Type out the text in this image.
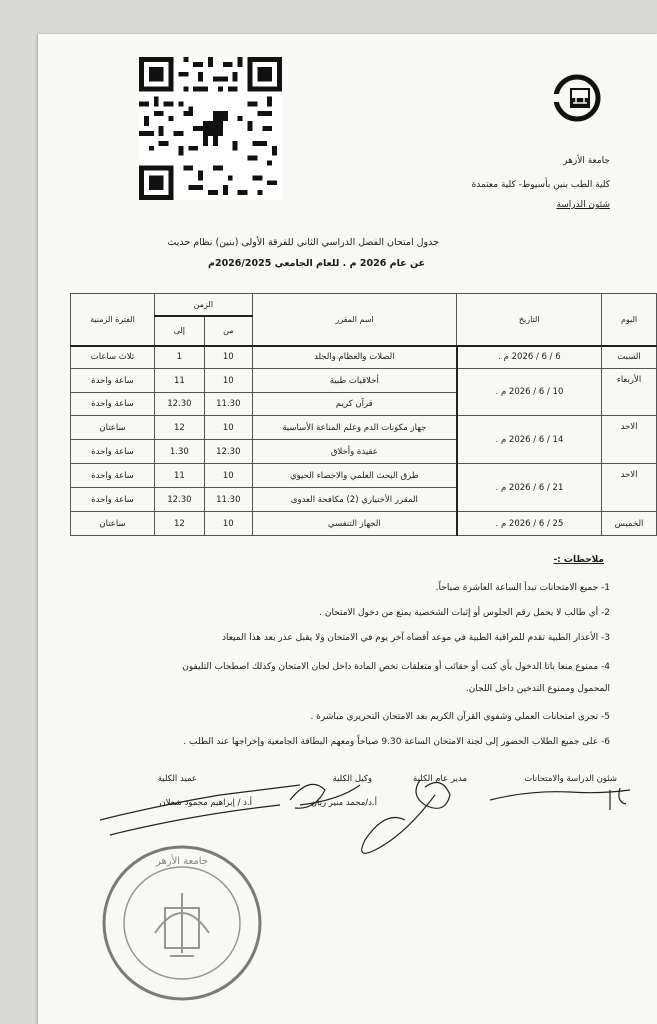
جامعة الأزهر
كلية الطب بنين بأسيوط- كلية معتمدة
شئون الدراسة
جدول امتحان الفصل الدراسي الثاني للفرقة الأولى (بنين) نظام حديث
عن عام 2026 م . للعام الجامعي 2026/2025م
اليوم	التاريخ	اسم المقرر	الزمن		الفترة الزمنية
			من	إلى	
السبت	6 / 6 / 2026 م .	الصلات والعظام والجلد	10	1	ثلاث ساعات
الأربعاء	10 / 6 / 2026 م .	أخلاقيات طبية	10	11	ساعة واحدة
		قرآن كريم	11.30	12.30	ساعة واحدة
الاحد	14 / 6 / 2026 م .	جهاز مكونات الدم وعلم المناعة الأساسية	10	12	ساعتان
		عقيدة وأخلاق	12.30	1.30	ساعة واحدة
الاحد	21 / 6 / 2026 م .	طرق البحث العلمي والاحصاء الحيوي	10	11	ساعة واحدة
		المقرر الأختياري (2) مكافحة العدوى	11.30	12.30	ساعة واحدة
الخميس	25 / 6 / 2026 م .	الجهاز التنفسي	10	12	ساعتان
ملاحظات :-
1- جميع الامتحانات تبدأ الساعة العاشرة صباحاً.
2- أي طالب لا يحمل رقم الجلوس أو إثبات الشخصية يمنع من دخول الامتحان .
3- الأعذار الطبية تقدم للمراقبة الطبية في موعد أقصاه آخر يوم في الامتحان ولا يقبل عذر بعد هذا الميعاد
4- ممنوع منعا باتا الدخول بأي كتب أو حقائب أو متعلقات تخص المادة داخل لجان الامتحان وكذلك اصطحاب التليفون
المحمول وممنوع التدخين داخل اللجان.
5- تجرى امتحانات العملي وشفوي القرآن الكريم بعد الامتحان التحريري مباشرة .
6- على جميع الطلاب الحضور إلى لجنة الامتحان الساعة 9.30 صباحاً ومعهم البطاقة الجامعية وإخراجها عند الطلب .
شئون الدراسة والامتحانات
مدير عام الكلية
وكيل الكلية
أ.د/محمد منير ريان
عميد الكلية
أ.د / إبراهيم محمود شعلان
جامعة الأزهر
